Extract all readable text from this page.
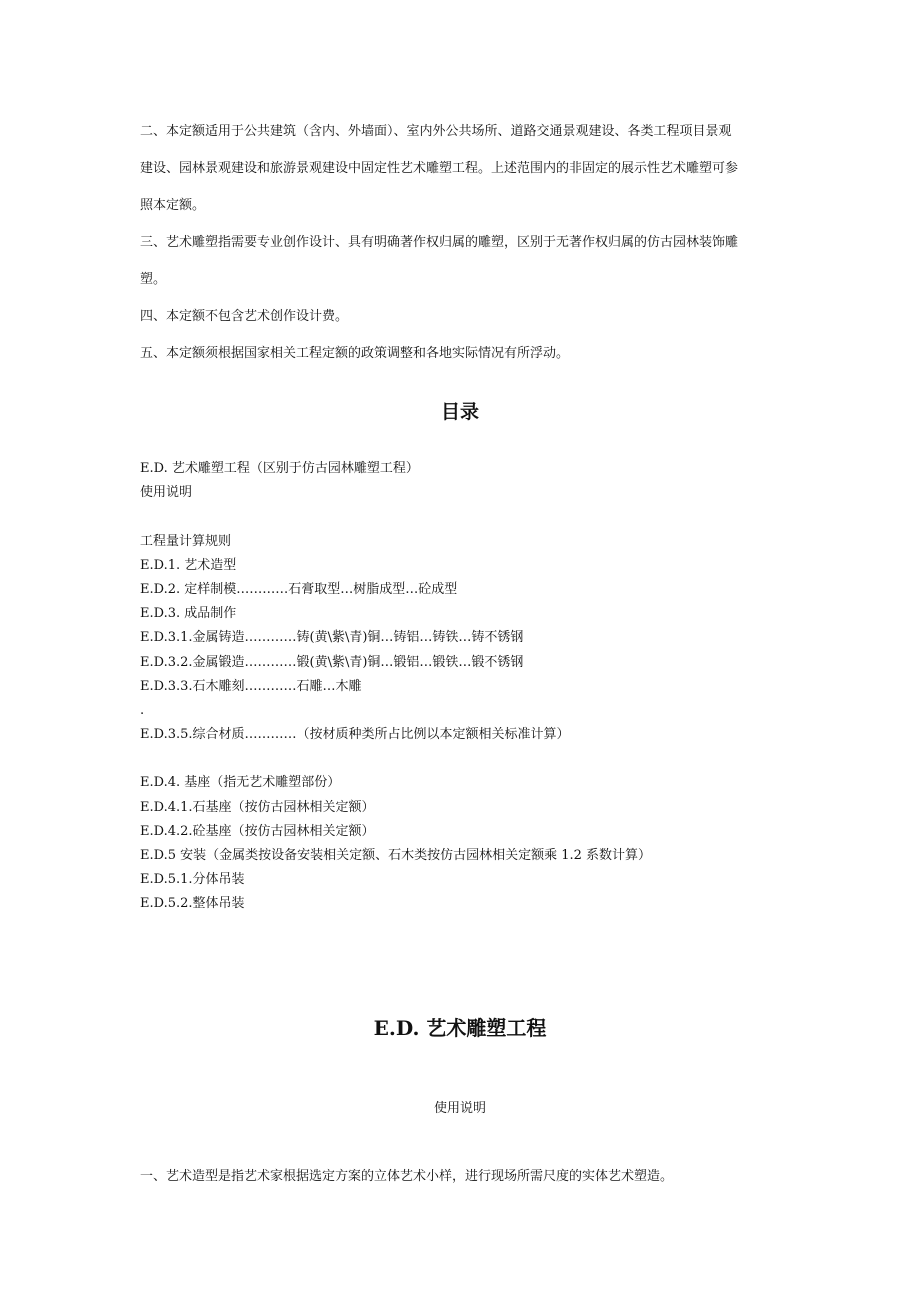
二、本定额适用于公共建筑（含内、外墙面）、室内外公共场所、道路交通景观建设、各类工程项目景观
建设、园林景观建设和旅游景观建设中固定性艺术雕塑工程。上述范围内的非固定的展示性艺术雕塑可参
照本定额。
三、艺术雕塑指需要专业创作设计、具有明确著作权归属的雕塑，区别于无著作权归属的仿古园林装饰雕
塑。
四、本定额不包含艺术创作设计费。
五、本定额须根据国家相关工程定额的政策调整和各地实际情况有所浮动。
目录
E.D. 艺术雕塑工程（区别于仿古园林雕塑工程）
使用说明
工程量计算规则
E.D.1. 艺术造型
E.D.2. 定样制模…………石膏取型…树脂成型…砼成型
E.D.3. 成品制作
E.D.3.1.金属铸造…………铸(黄\紫\青)铜…铸铝…铸铁…铸不锈钢
E.D.3.2.金属锻造…………锻(黄\紫\青)铜…锻铝…锻铁…锻不锈钢
E.D.3.3.石木雕刻…………石雕…木雕
.
E.D.3.5.综合材质…………（按材质种类所占比例以本定额相关标准计算）
E.D.4. 基座（指无艺术雕塑部份）
E.D.4.1.石基座（按仿古园林相关定额）
E.D.4.2.砼基座（按仿古园林相关定额）
E.D.5 安装（金属类按设备安装相关定额、石木类按仿古园林相关定额乘 1.2 系数计算）
E.D.5.1.分体吊装
E.D.5.2.整体吊装
E.D. 艺术雕塑工程

使用说明

一、艺术造型是指艺术家根据选定方案的立体艺术小样，进行现场所需尺度的实体艺术塑造。
